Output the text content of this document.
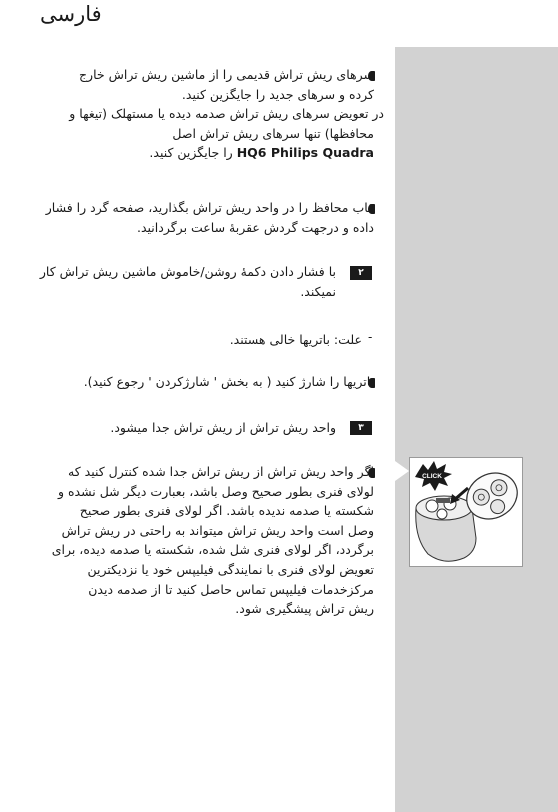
فارسی
سرهای ریش تراش قدیمی را از ماشین ریش تراش خارج
کرده و سرهای جدید را جایگزین کنید.
در تعویض سرهای ریش تراش صدمه دیده یا مستهلک (تیغها و
محافظها) تنها سرهای ریش تراش اصل
HQ6 Philips Quadra را جایگزین کنید.
قاب محافظ را در واحد ریش تراش بگذارید، صفحه گرد را فشار
داده و درجهت گردش عقربهٔ ساعت برگردانید.
۲
با فشار دادن دکمهٔ روشن/خاموش ماشین ریش تراش کار
نمیکند.
-
علت: باتریها خالی هستند.
باتریها را شارژ کنید ( به بخش ' شارژکردن ' رجوع کنید).
۳
واحد ریش تراش از ریش تراش جدا میشود.
اگر واحد ریش تراش از ریش تراش جدا شده کنترل کنید که
لولای فنری بطور صحیح وصل باشد، بعبارت دیگر شل نشده و
شکسته یا صدمه ندیده باشد. اگر لولای فنری بطور صحیح
وصل است واحد ریش تراش میتواند به راحتی در ریش تراش
برگردد، اگر لولای فنری شل شده، شکسته یا صدمه دیده، برای
تعویض لولای فنری با نمایندگی فیلیپس خود یا نزدیکترین
مرکزخدمات فیلیپس تماس حاصل کنید تا از صدمه دیدن
ریش تراش پیشگیری شود.
CLICK
